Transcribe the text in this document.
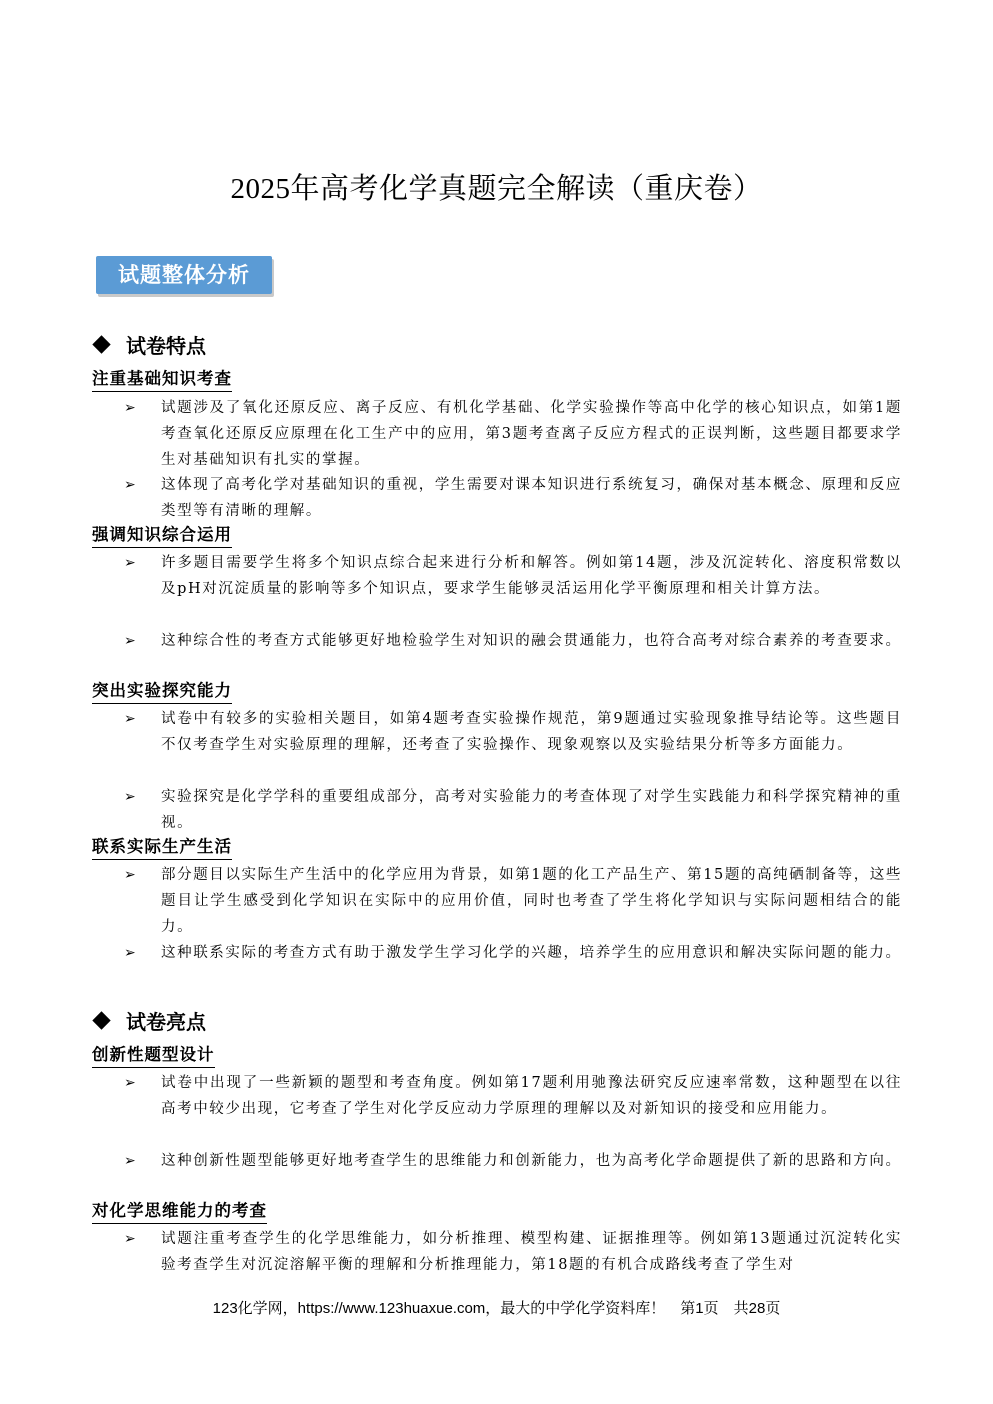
2025年高考化学真题完全解读（重庆卷）
试题整体分析
试卷特点
注重基础知识考查
➢	试题涉及了氧化还原反应、离子反应、有机化学基础、化学实验操作等高中化学的核心知识点，如第1题考查氧化还原反应原理在化工生产中的应用，第3题考查离子反应方程式的正误判断，这些题目都要求学生对基础知识有扎实的掌握。
➢	这体现了高考化学对基础知识的重视，学生需要对课本知识进行系统复习，确保对基本概念、原理和反应类型等有清晰的理解。
强调知识综合运用
➢	许多题目需要学生将多个知识点综合起来进行分析和解答。例如第14题，涉及沉淀转化、溶度积常数以及pH对沉淀质量的影响等多个知识点，要求学生能够灵活运用化学平衡原理和相关计算方法。
➢	这种综合性的考查方式能够更好地检验学生对知识的融会贯通能力，也符合高考对综合素养的考查要求。
突出实验探究能力
➢	试卷中有较多的实验相关题目，如第4题考查实验操作规范，第9题通过实验现象推导结论等。这些题目不仅考查学生对实验原理的理解，还考查了实验操作、现象观察以及实验结果分析等多方面能力。
➢	实验探究是化学学科的重要组成部分，高考对实验能力的考查体现了对学生实践能力和科学探究精神的重视。
联系实际生产生活
➢	部分题目以实际生产生活中的化学应用为背景，如第1题的化工产品生产、第15题的高纯硒制备等，这些题目让学生感受到化学知识在实际中的应用价值，同时也考查了学生将化学知识与实际问题相结合的能力。
➢	这种联系实际的考查方式有助于激发学生学习化学的兴趣，培养学生的应用意识和解决实际问题的能力。
试卷亮点
创新性题型设计
➢	试卷中出现了一些新颖的题型和考查角度。例如第17题利用驰豫法研究反应速率常数，这种题型在以往高考中较少出现，它考查了学生对化学反应动力学原理的理解以及对新知识的接受和应用能力。
➢	这种创新性题型能够更好地考查学生的思维能力和创新能力，也为高考化学命题提供了新的思路和方向。
对化学思维能力的考查
➢	试题注重考查学生的化学思维能力，如分析推理、模型构建、证据推理等。例如第13题通过沉淀转化实验考查学生对沉淀溶解平衡的理解和分析推理能力，第18题的有机合成路线考查了学生对
123化学网，https://www.123huaxue.com，最大的中学化学资料库！　第1页　共28页
